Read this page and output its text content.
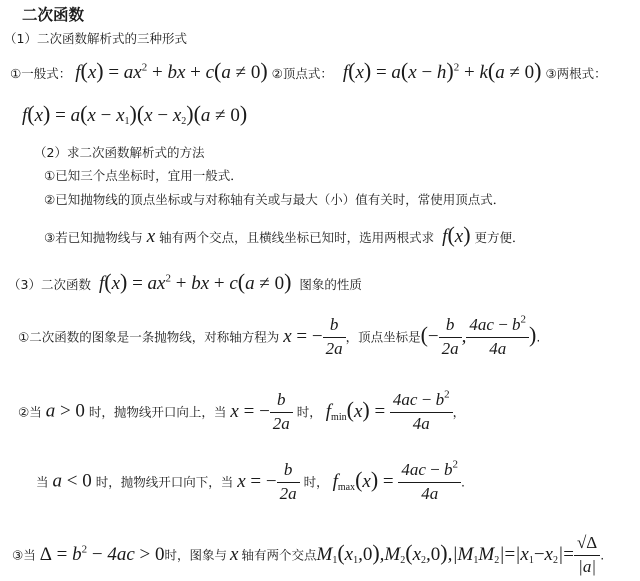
二次函数
（1）二次函数解析式的三种形式
①一般式： $f(x) = ax^2$ + bx + c(a ≠ 0) ②顶点式： $f(x) = a(x - h)^2 + k(a \ne 0)$ ③两根式：
$f(x) = a(x - x_1)(x - x_2)(a \ne 0)$
（2）求二次函数解析式的方法
①已知三个点坐标时，宜用一般式．
②已知抛物线的顶点坐标或与对称轴有关或与最大（小）值有关时，常使用顶点式．
③若已知抛物线与 x 轴有两个交点，且横线坐标已知时，选用两根式求 f(x) 更方便．
（3）二次函数 $f(x) = ax^2$ + bx + c(a ≠ 0) 图象的性质
①二次函数的图象是一条抛物线，对称轴方程为 x = − $\frac{b}{2a}$ ，顶点坐标是(− $\frac{b}{2a}$ , $\frac{4ac - b^2}{4a}$ ).
②当 a > 0 时，抛物线开口向上，当 x = − $\frac{b}{2a}$ 时， $f_{min}(x) = \frac{4ac - b^2}{4a}$ ，
当 a < 0 时，抛物线开口向下，当 x = − $\frac{b}{2a}$ 时， $f_{max}(x) = \frac{4ac - b^2}{4a}$ .
③当 $\Delta = b^2 - 4ac > 0$时，图象与 x 轴有两个交点$M_1(x_1,0),M_2(x_2,0),|M_1M_2|=|x_1-x_2|= \frac{√\Delta}{|a|}$ .
